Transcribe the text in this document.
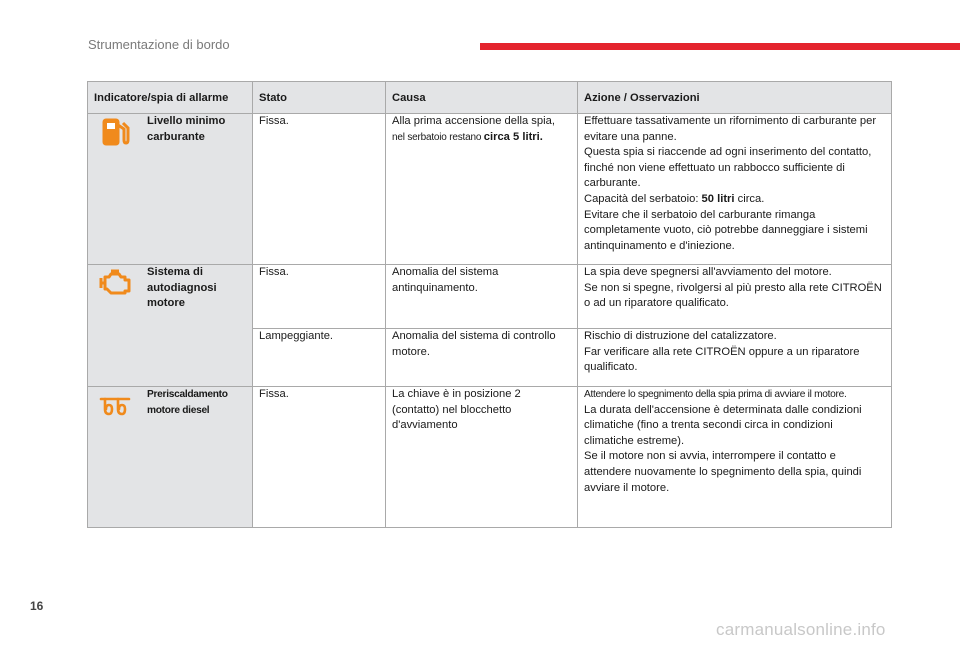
Strumentazione di bordo
Indicatore/spia di allarme		Stato	Causa	Azione / Osservazioni

	Livello minimo carburante	Fissa.	Alla prima accensione della spia,
nel serbatoio restano circa 5 litri.	Effettuare tassativamente un rifornimento di carburante per evitare una panne.
Questa spia si riaccende ad ogni inserimento del contatto, finché non viene effettuato un rabbocco sufficiente di carburante.
Capacità del serbatoio: 50 litri circa.
Evitare che il serbatoio del carburante rimanga completamente vuoto, ciò potrebbe danneggiare i sistemi antinquinamento e d'iniezione.

	Sistema di autodiagnosi motore	Fissa.	Anomalia del sistema antinquinamento.	La spia deve spegnersi all'avviamento del motore.
Se non si spegne, rivolgersi al più presto alla rete CITROËN o ad un riparatore qualificato.

		Lampeggiante.	Anomalia del sistema di controllo motore.	Rischio di distruzione del catalizzatore.
Far verificare alla rete CITROËN oppure a un riparatore qualificato.

	Preriscaldamento motore diesel	Fissa.	La chiave è in posizione 2 (contatto) nel blocchetto d'avviamento	Attendere lo spegnimento della spia prima di avviare il motore.
La durata dell'accensione è determinata dalle condizioni climatiche (fino a trenta secondi circa in condizioni climatiche estreme).
Se il motore non si avvia, interrompere il contatto e attendere nuovamente lo spegnimento della spia, quindi avviare il motore.
16
carmanualsonline.info
